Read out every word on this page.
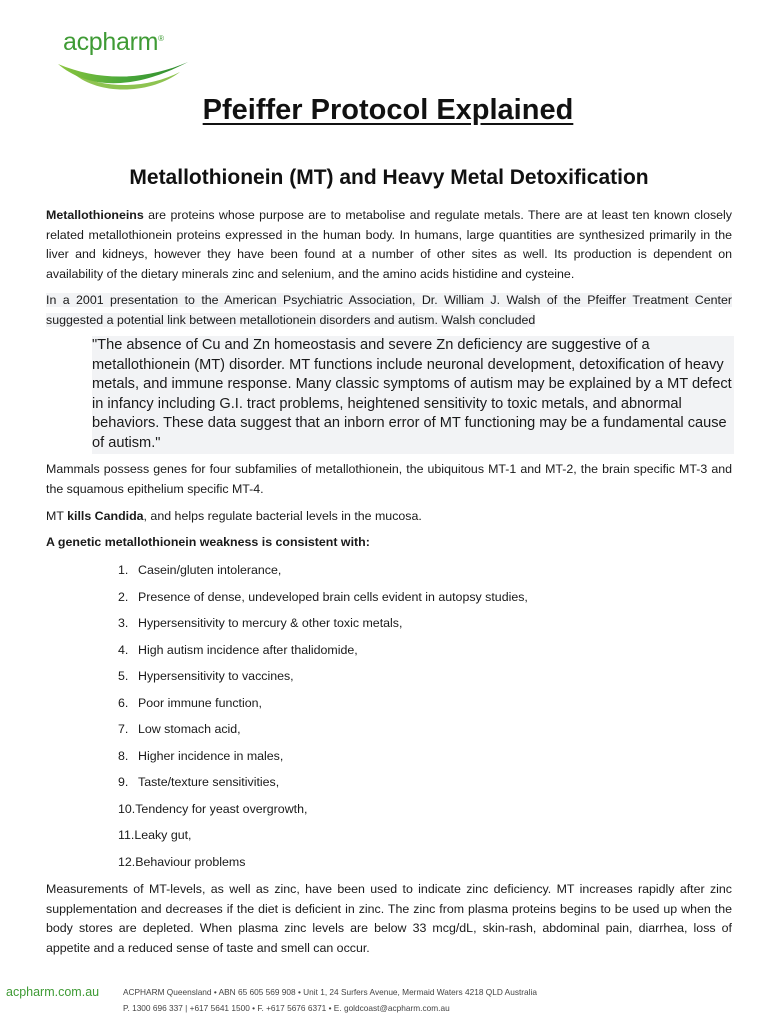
acpharm®
Pfeiffer Protocol Explained
Metallothionein (MT) and Heavy Metal Detoxification

Metallothioneins are proteins whose purpose are to metabolise and regulate metals. There are at least ten known closely related metallothionein proteins expressed in the human body. In humans, large quantities are synthesized primarily in the liver and kidneys, however they have been found at a number of other sites as well. Its production is dependent on availability of the dietary minerals zinc and selenium, and the amino acids histidine and cysteine.

In a 2001 presentation to the American Psychiatric Association, Dr. William J. Walsh of the Pfeiffer Treatment Center suggested a potential link between metallotionein disorders and autism. Walsh concluded

"The absence of Cu and Zn homeostasis and severe Zn deficiency are suggestive of a metallothionein (MT) disorder. MT functions include neuronal development, detoxification of heavy metals, and immune response. Many classic symptoms of autism may be explained by a MT defect in infancy including G.I. tract problems, heightened sensitivity to toxic metals, and abnormal behaviors. These data suggest that an inborn error of MT functioning may be a fundamental cause of autism."

Mammals possess genes for four subfamilies of metallothionein, the ubiquitous MT-1 and MT-2, the brain specific MT-3 and the squamous epithelium specific MT-4.

MT kills Candida, and helps regulate bacterial levels in the mucosa.

A genetic metallothionein weakness is consistent with:

1. Casein/gluten intolerance,
2. Presence of dense, undeveloped brain cells evident in autopsy studies,
3. Hypersensitivity to mercury & other toxic metals,
4. High autism incidence after thalidomide,
5. Hypersensitivity to vaccines,
6. Poor immune function,
7. Low stomach acid,
8. Higher incidence in males,
9. Taste/texture sensitivities,
10.Tendency for yeast overgrowth,
11.Leaky gut,
12.Behaviour problems

Measurements of MT-levels, as well as zinc, have been used to indicate zinc deficiency. MT increases rapidly after zinc supplementation and decreases if the diet is deficient in zinc. The zinc from plasma proteins begins to be used up when the body stores are depleted. When plasma zinc levels are below 33 mcg/dL, skin-rash, abdominal pain, diarrhea, loss of appetite and a reduced sense of taste and smell can occur.

acpharm.com.au	ACPHARM Queensland • ABN 65 605 569 908 • Unit 1, 24 Surfers Avenue, Mermaid Waters 4218 QLD Australia
P. 1300 696 337 | +617 5641 1500 • F. +617 5676 6371 • E. goldcoast@acpharm.com.au
